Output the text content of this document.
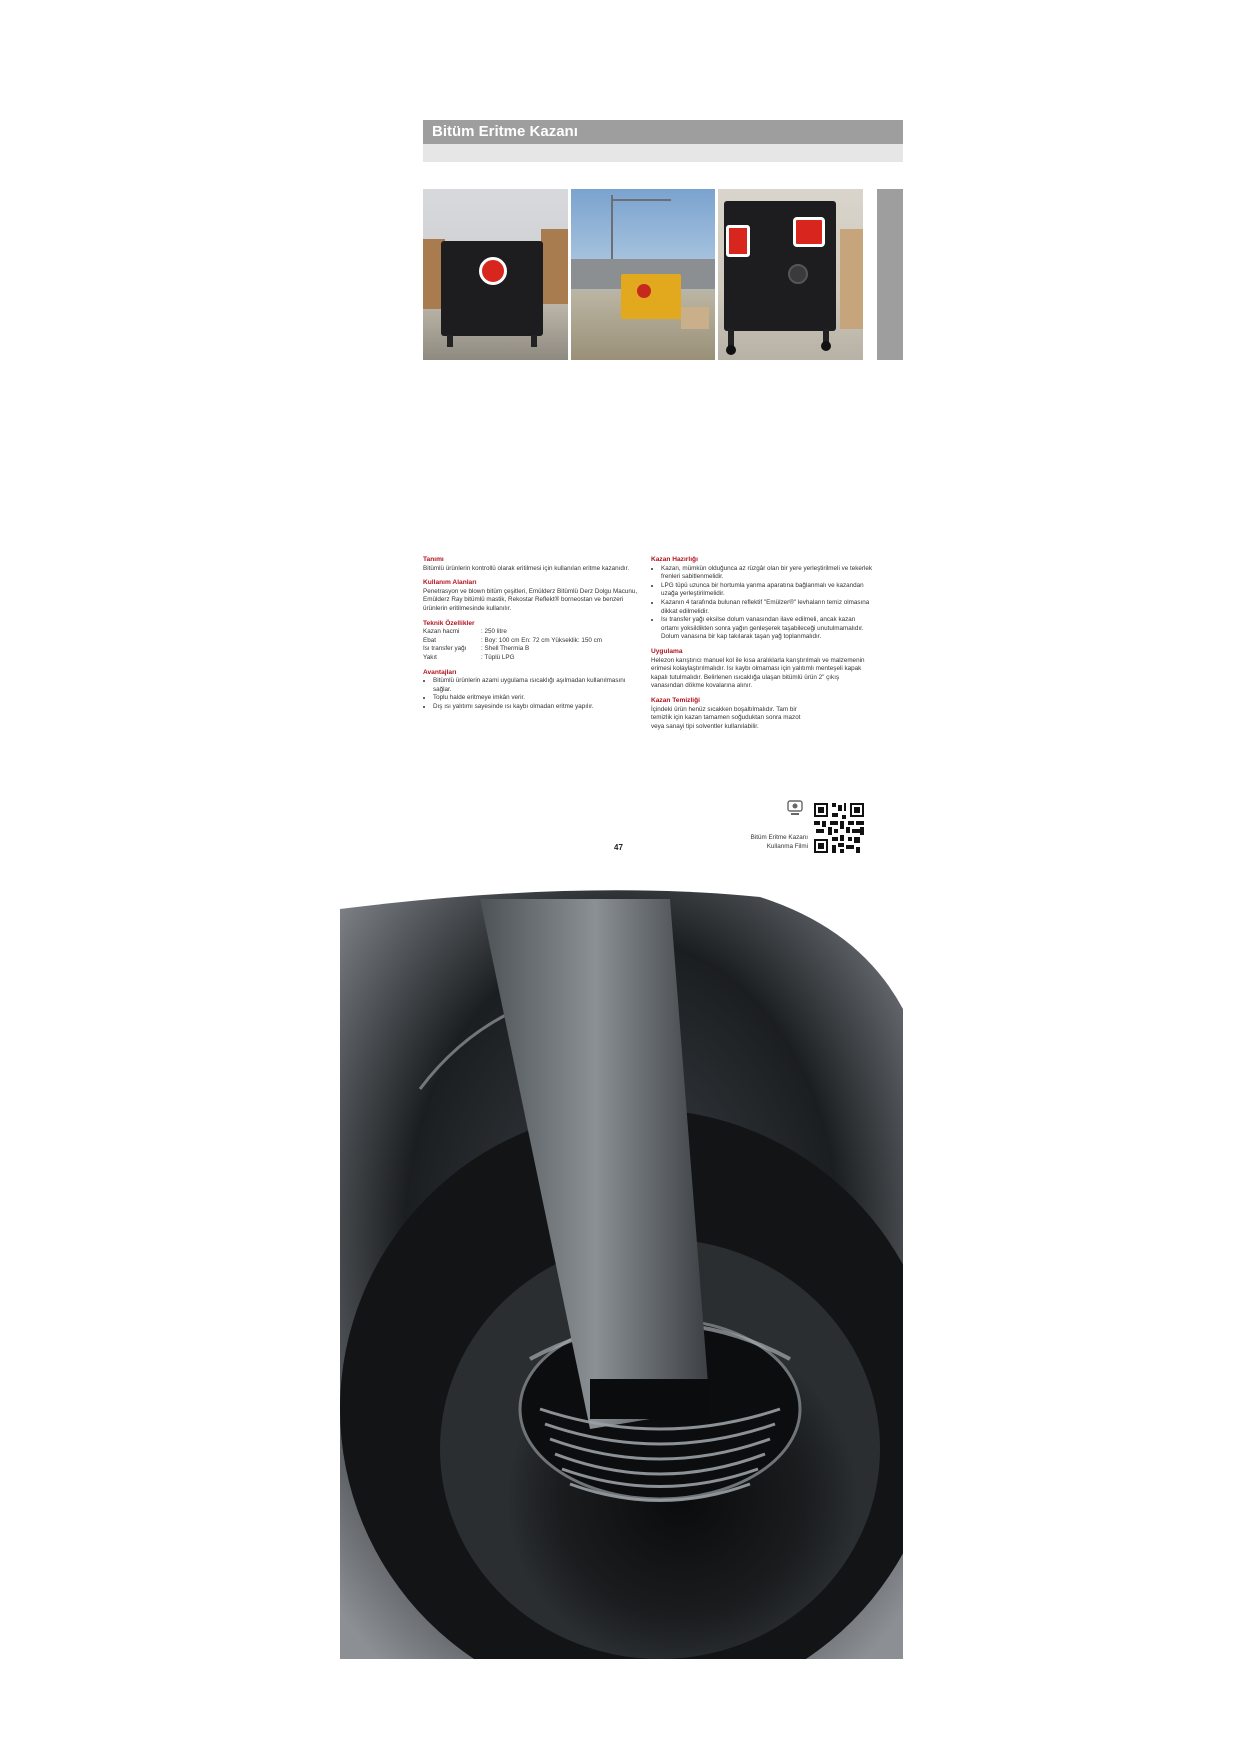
Bitüm Eritme Kazanı
Tanımı

Bitümlü ürünlerin kontrollü olarak eritilmesi için kullanılan eritme kazanıdır.

Kullanım Alanları

Penetrasyon ve blown bitüm çeşitleri, Emülderz Bitümlü Derz Dolgu Macunu, Emülderz Ray bitümlü mastik, Rekostar Reflekt® borneostan ve benzeri ürünlerin eritilmesinde kullanılır.

Teknik Özellikler
Kazan hacmi	: 250 litre
Ebat	: Boy: 100 cm En: 72 cm Yükseklik: 150 cm
Isı transfer yağı	: Shell Thermia B
Yakıt	: Tüplü LPG
Avantajları
• Bitümlü ürünlerin azami uygulama ısıcaklığı aşılmadan kullanılmasını sağlar.
• Toplu halde eritmeye imkân verir.
• Dış ısı yalıtımı sayesinde ısı kaybı olmadan eritme yapılır.
Kazan Hazırlığı
• Kazan, mümkün olduğunca az rüzgâr olan bir yere yerleştirilmeli ve tekerlek frenleri sabitlenmelidir.
• LPG tüpü uzunca bir hortumla yanma aparatına bağlanmalı ve kazandan uzağa yerleştirilmelidir.
• Kazanın 4 tarafında bulunan reflektif "Emülzer®" levhaların temiz olmasına dikkat edilmelidir.
• Isı transfer yağı eksilse dolum vanasından ilave edilmeli, ancak kazan ortamı yoksildikten sonra yağın genleşerek taşabileceği unutulmamalıdır. Dolum vanasına bir kap takılarak taşan yağ toplanmalıdır.
Uygulama

Helezon karıştırıcı manuel kol ile kısa aralıklarla karıştırılmalı ve malzemenin erimesi kolaylaştırılmalıdır. Isı kaybı olmaması için yalıtımlı menteşeli kapak kapalı tutulmalıdır. Belirlenen ısıcaklığa ulaşan bitümlü ürün 2" çıkış vanasından dökme kovalarına alınır.

Kazan Temizliği

İçindeki ürün henüz sıcakken boşaltılmalıdır. Tam bir temizlik için kazan tamamen soğuduktan sonra mazot veya sanayi tipi solventler kullanılabilir.

Bitüm Eritme Kazanı
Kullanma Filmi
47
